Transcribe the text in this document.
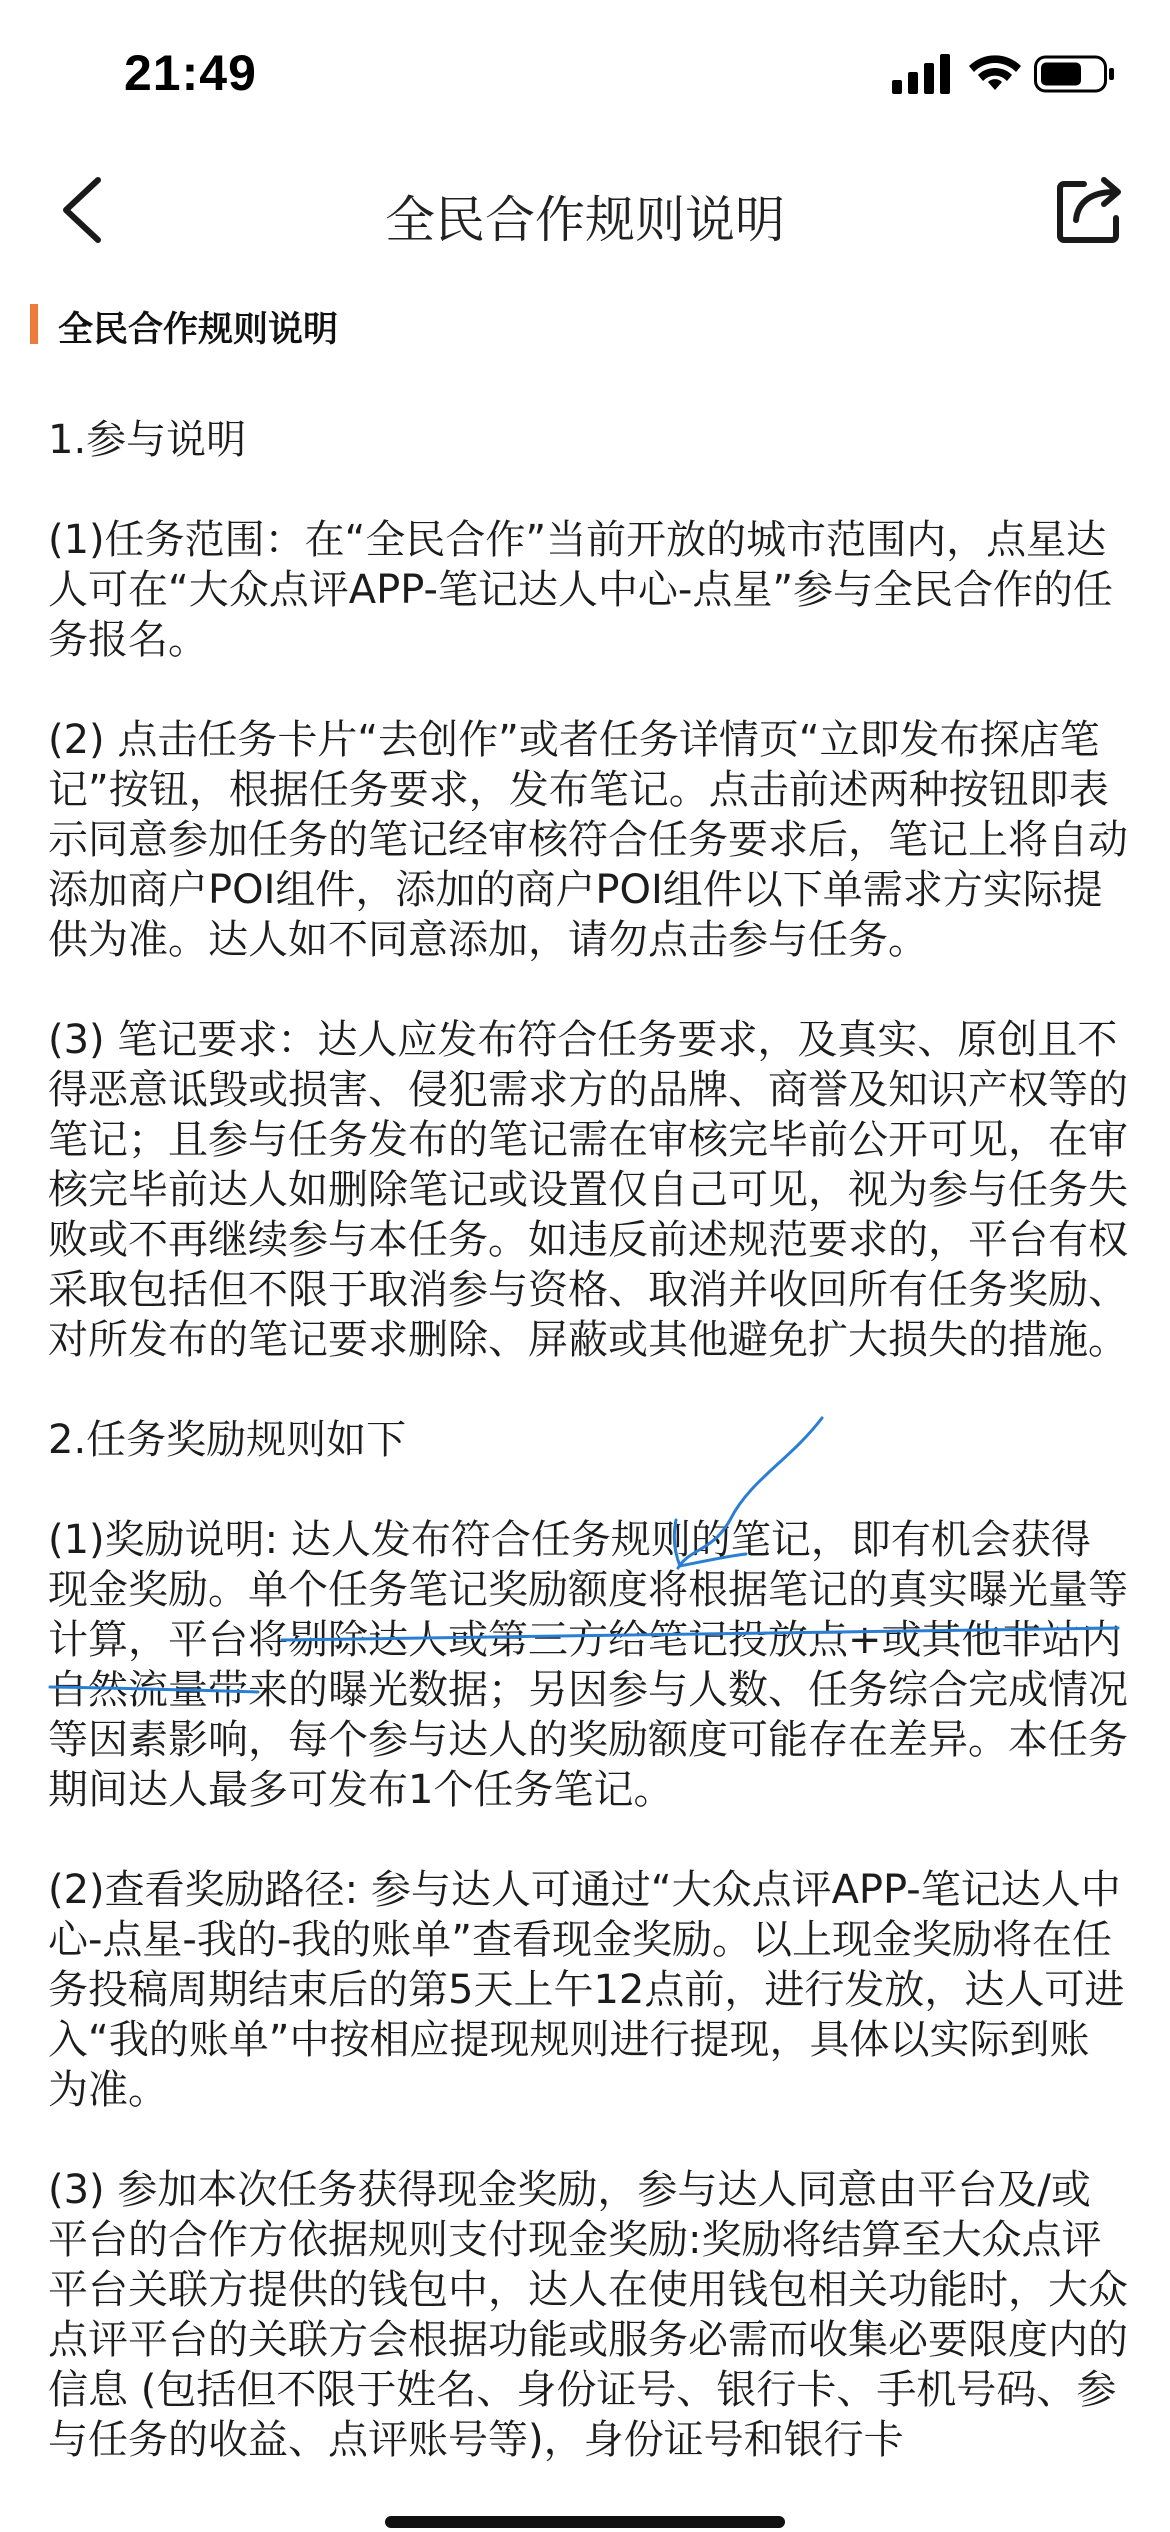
21:49
全民合作规则说明
全民合作规则说明

1.参与说明

(1)任务范围：在“全民合作”当前开放的城市范围内，点星达人可在“大众点评APP-笔记达人中心-点星”参与全民合作的任务报名。

(2) 点击任务卡片“去创作”或者任务详情页“立即发布探店笔记”按钮，根据任务要求，发布笔记。点击前述两种按钮即表示同意参加任务的笔记经审核符合任务要求后，笔记上将自动添加商户POI组件，添加的商户POI组件以下单需求方实际提供为准。达人如不同意添加，请勿点击参与任务。

(3) 笔记要求：达人应发布符合任务要求，及真实、原创且不得恶意诋毁或损害、侵犯需求方的品牌、商誉及知识产权等的笔记；且参与任务发布的笔记需在审核完毕前公开可见，在审核完毕前达人如删除笔记或设置仅自己可见，视为参与任务失败或不再继续参与本任务。如违反前述规范要求的，平台有权采取包括但不限于取消参与资格、取消并收回所有任务奖励、对所发布的笔记要求删除、屏蔽或其他避免扩大损失的措施。

2.任务奖励规则如下

(1)奖励说明: 达人发布符合任务规则的笔记，即有机会获得现金奖励。单个任务笔记奖励额度将根据笔记的真实曝光量等计算，平台将剔除达人或第三方给笔记投放点+或其他非站内自然流量带来的曝光数据；另因参与人数、任务综合完成情况等因素影响，每个参与达人的奖励额度可能存在差异。本任务期间达人最多可发布1个任务笔记。

(2)查看奖励路径: 参与达人可通过“大众点评APP-笔记达人中心-点星-我的-我的账单”查看现金奖励。以上现金奖励将在任务投稿周期结束后的第5天上午12点前，进行发放，达人可进入“我的账单”中按相应提现规则进行提现，具体以实际到账为准。

(3) 参加本次任务获得现金奖励，参与达人同意由平台及/或平台的合作方依据规则支付现金奖励:奖励将结算至大众点评平台关联方提供的钱包中，达人在使用钱包相关功能时，大众点评平台的关联方会根据功能或服务必需而收集必要限度内的信息 (包括但不限于姓名、身份证号、银行卡、手机号码、参与任务的收益、点评账号等)，身份证号和银行卡
